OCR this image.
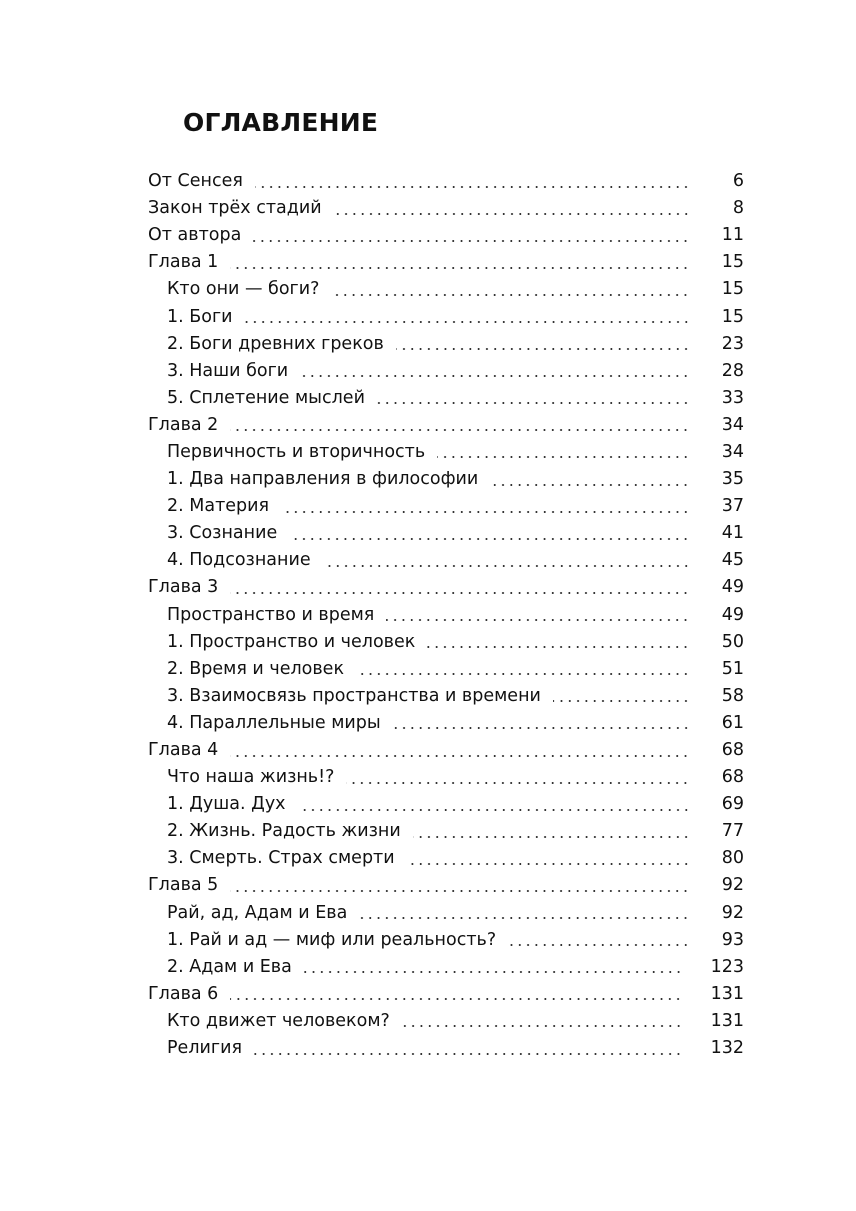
ОГЛАВЛЕНИЕ
От Сенсея	6
Закон трёх стадий	8
От автора	11
Глава 1	15
Кто они — боги?	15
1. Боги	15
2. Боги древних греков	23
3. Наши боги	28
5. Сплетение мыслей	33
Глава 2	34
Первичность и вторичность	34
1. Два направления в философии	35
2. Материя	37
3. Сознание	41
4. Подсознание	45
Глава 3	49
Пространство и время	49
1. Пространство и человек	50
2. Время и человек	51
3. Взаимосвязь пространства и времени	58
4. Параллельные миры	61
Глава 4	68
Что наша жизнь!?	68
1. Душа. Дух	69
2. Жизнь. Радость жизни	77
3. Смерть. Страх смерти	80
Глава 5	92
Рай, ад, Адам и Ева	92
1. Рай и ад — миф или реальность?	93
2. Адам и Ева	123
Глава 6	131
Кто движет человеком?	131
Религия	132
